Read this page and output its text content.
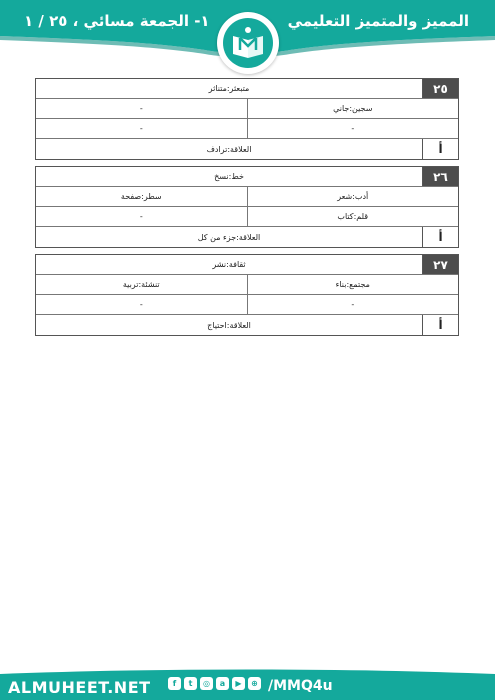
المميز والمتميز التعليمي
١- الجمعة مسائي ، ٢٥ / ١
٢٥
متبعثر:متناثر
سجين:جاني
-
-
-
أ
العلاقة:ترادف
٢٦
خط:نسخ
أدب:شعر
سطر:صفحة
قلم:كتاب
-
أ
العلاقة:جزء من كل
٢٧
ثقافة:نشر
مجتمع:بناء
تنشئة:تربية
-
-
أ
العلاقة:احتياج
ALMUHEET.NET	f t ◎ a ▶ ⊕ /MMQ4u
